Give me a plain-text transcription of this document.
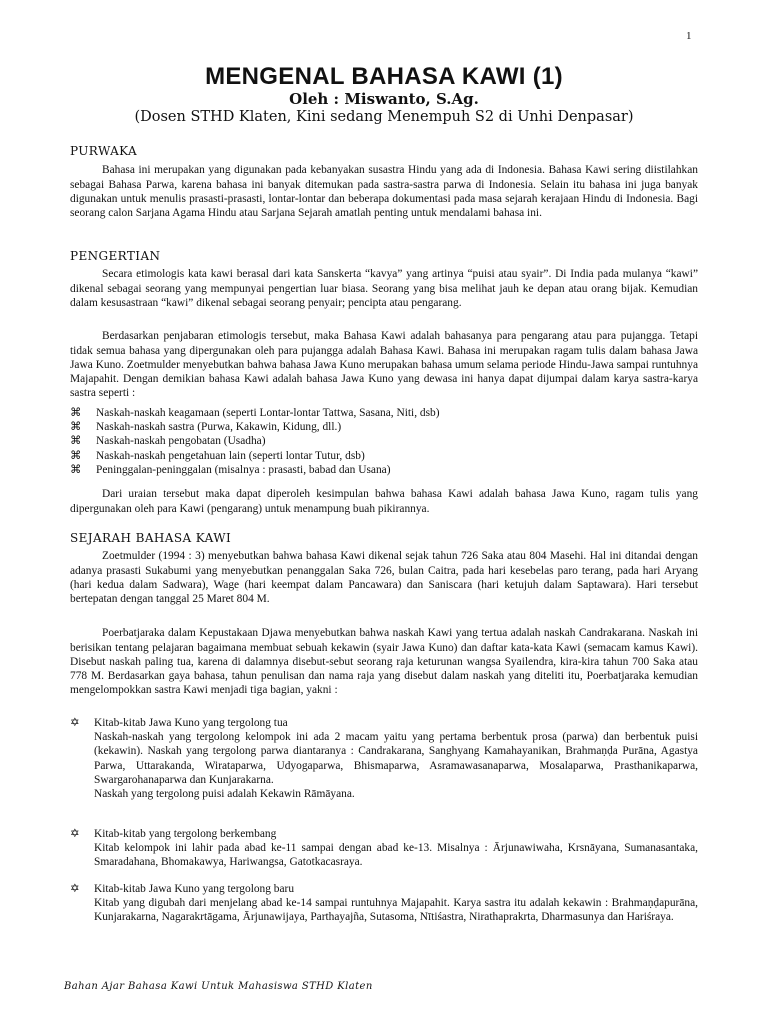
1
MENGENAL BAHASA KAWI (1)
Oleh : Miswanto, S.Ag.
(Dosen STHD Klaten, Kini sedang Menempuh S2 di Unhi Denpasar)
PURWAKA

Bahasa ini merupakan yang digunakan pada kebanyakan susastra Hindu yang ada di Indonesia. Bahasa Kawi sering diistilahkan sebagai Bahasa Parwa, karena bahasa ini banyak ditemukan pada sastra-sastra parwa di Indonesia. Selain itu bahasa ini juga banyak digunakan untuk menulis prasasti-prasasti, lontar-lontar dan beberapa dokumentasi pada masa sejarah kerajaan Hindu di Indonesia. Bagi seorang calon Sarjana Agama Hindu atau Sarjana Sejarah amatlah penting untuk mendalami bahasa ini.

PENGERTIAN

Secara etimologis kata kawi berasal dari kata Sanskerta “kavya” yang artinya “puisi atau syair”. Di India pada mulanya “kawi” dikenal sebagai seorang yang mempunyai pengertian luar biasa. Seorang yang bisa melihat jauh ke depan atau orang bijak. Kemudian dalam kesusastraan “kawi” dikenal sebagai seorang penyair; pencipta atau pengarang.

Berdasarkan penjabaran etimologis tersebut, maka Bahasa Kawi adalah bahasanya para pengarang atau para pujangga. Tetapi tidak semua bahasa yang dipergunakan oleh para pujangga adalah Bahasa Kawi. Bahasa ini merupakan ragam tulis dalam bahasa Jawa Jawa Kuno. Zoetmulder menyebutkan bahwa bahasa Jawa Kuno merupakan bahasa umum selama periode Hindu-Jawa sampai runtuhnya Majapahit. Dengan demikian bahasa Kawi adalah bahasa Jawa Kuno yang dewasa ini hanya dapat dijumpai dalam karya sastra-karya sastra seperti :

⌘ Naskah-naskah keagamaan (seperti Lontar-lontar Tattwa, Sasana, Niti, dsb)
⌘ Naskah-naskah sastra (Purwa, Kakawin, Kidung, dll.)
⌘ Naskah-naskah pengobatan (Usadha)
⌘ Naskah-naskah pengetahuan lain (seperti lontar Tutur, dsb)
⌘ Peninggalan-peninggalan (misalnya : prasasti, babad dan Usana)

Dari uraian tersebut maka dapat diperoleh kesimpulan bahwa bahasa Kawi adalah bahasa Jawa Kuno, ragam tulis yang dipergunakan oleh para Kawi (pengarang) untuk menampung buah pikirannya.

SEJARAH BAHASA KAWI

Zoetmulder (1994 : 3) menyebutkan bahwa bahasa Kawi dikenal sejak tahun 726 Saka atau 804 Masehi. Hal ini ditandai dengan adanya prasasti Sukabumi yang menyebutkan penanggalan Saka 726, bulan Caitra, pada hari kesebelas paro terang, pada hari Aryang (hari kedua dalam Sadwara), Wage (hari keempat dalam Pancawara) dan Saniscara (hari ketujuh dalam Saptawara). Hari tersebut bertepatan dengan tanggal 25 Maret 804 M.

Poerbatjaraka dalam Kepustakaan Djawa menyebutkan bahwa naskah Kawi yang tertua adalah naskah Candrakarana. Naskah ini berisikan tentang pelajaran bagaimana membuat sebuah kekawin (syair Jawa Kuno) dan daftar kata-kata Kawi (semacam kamus Kawi). Disebut naskah paling tua, karena di dalamnya disebut-sebut seorang raja keturunan wangsa Syailendra, kira-kira tahun 700 Saka atau 778 M. Berdasarkan gaya bahasa, tahun penulisan dan nama raja yang disebut dalam naskah yang diteliti itu, Poerbatjaraka kemudian mengelompokkan sastra Kawi menjadi tiga bagian, yakni :

✡ Kitab-kitab Jawa Kuno yang tergolong tua
Naskah-naskah yang tergolong kelompok ini ada 2 macam yaitu yang pertama berbentuk prosa (parwa) dan berbentuk puisi (kekawin). Naskah yang tergolong parwa diantaranya : Candrakarana, Sanghyang Kamahayanikan, Brahmaṇḍa Purāna, Agastya Parwa, Uttarakanda, Wirataparwa, Udyogaparwa, Bhismaparwa, Asramawasanaparwa, Mosalaparwa, Prasthanikaparwa, Swargarohanaparwa dan Kunjarakarna.
Naskah yang tergolong puisi adalah Kekawin Rāmāyana.
✡ Kitab-kitab yang tergolong berkembang
Kitab kelompok ini lahir pada abad ke-11 sampai dengan abad ke-13. Misalnya : Ārjunawiwaha, Krsnāyana, Sumanasantaka, Smaradahana, Bhomakawya, Hariwangsa, Gatotkacasraya.
✡ Kitab-kitab Jawa Kuno yang tergolong baru
Kitab yang digubah dari menjelang abad ke-14 sampai runtuhnya Majapahit. Karya sastra itu adalah kekawin : Brahmaṇḍapurāna, Kunjarakarna, Nagarakrtāgama, Ārjunawijaya, Parthayajña, Sutasoma, Nītiśastra, Nirathaprakrta, Dharmasunya dan Hariśraya.
Bahan Ajar Bahasa Kawi Untuk Mahasiswa STHD Klaten
